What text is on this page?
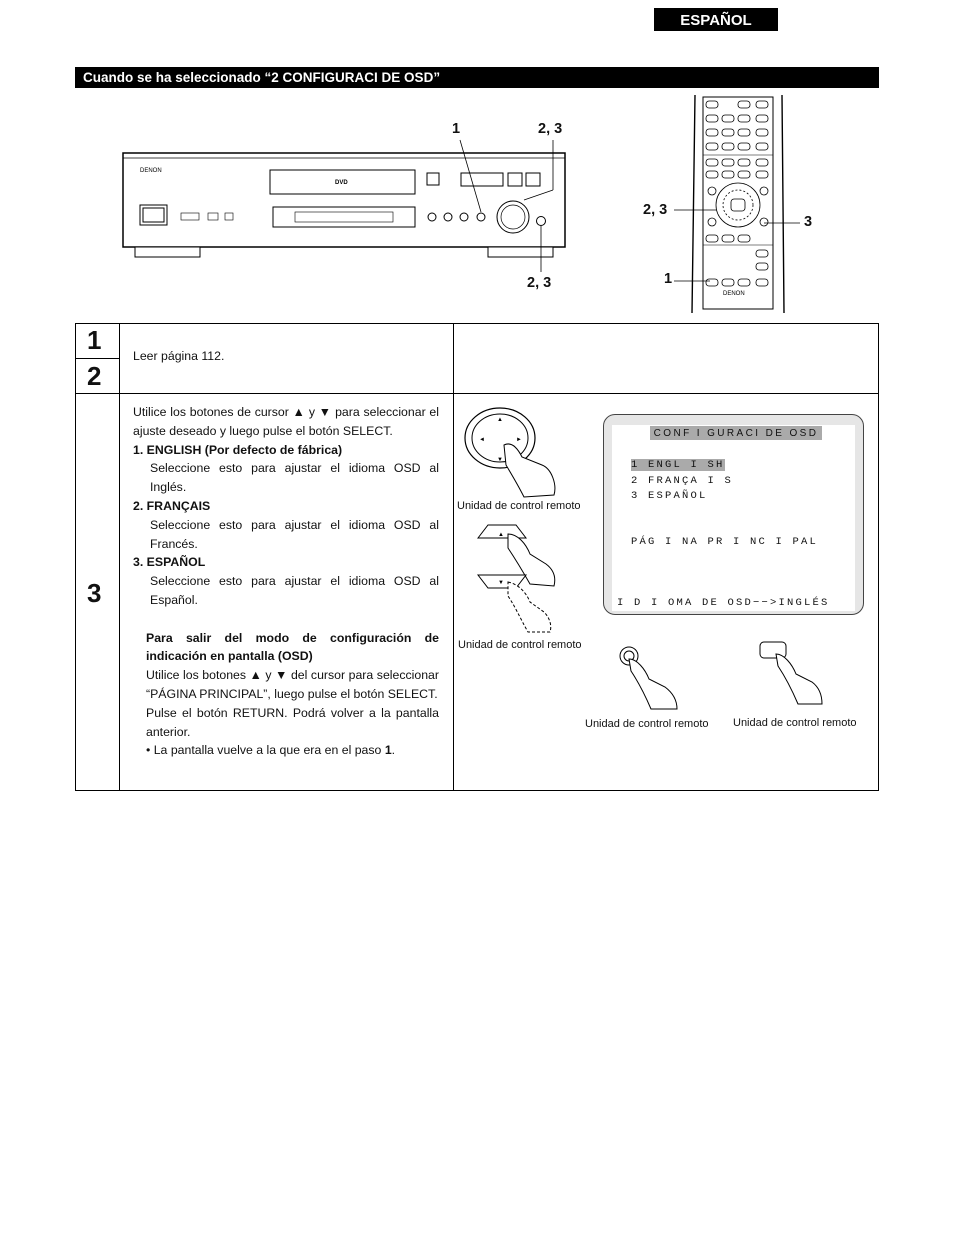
ESPAÑOL
Cuando se ha seleccionado “2 CONFIGURACI DE OSD”
DENON
DVD
1	2, 3
2, 3
DENON
2, 3
3
1
1
2
3
Leer página 112.

Utilice los botones de cursor ▲ y ▼ para seleccionar el ajuste deseado y luego pulse el botón SELECT.

1. ENGLISH (Por defecto de fábrica)

Seleccione esto para ajustar el idioma OSD al Inglés.

2. FRANÇAIS

Seleccione esto para ajustar el idioma OSD al Francés.

3. ESPAÑOL

Seleccione esto para ajustar el idioma OSD al Español.

Para salir del modo de configuración de indicación en pantalla (OSD)

Utilice los botones ▲ y ▼ del cursor para seleccionar “PÁGINA PRINCIPAL”, luego pulse el botón SELECT.

Pulse el botón RETURN. Podrá volver a la pantalla anterior.

• La pantalla vuelve a la que era en el paso 1.

▲
▼
◄	►
Unidad de control remoto
▲
▼
Unidad de control remoto
CONF I GURACI DE OSD
1 ENGL I SH
2 FRANÇA I S
3 ESPAÑOL
PÁG I NA PR I NC I PAL
I D I OMA DE OSD−−>INGLÉS
Unidad de control remoto Unidad de control remoto
